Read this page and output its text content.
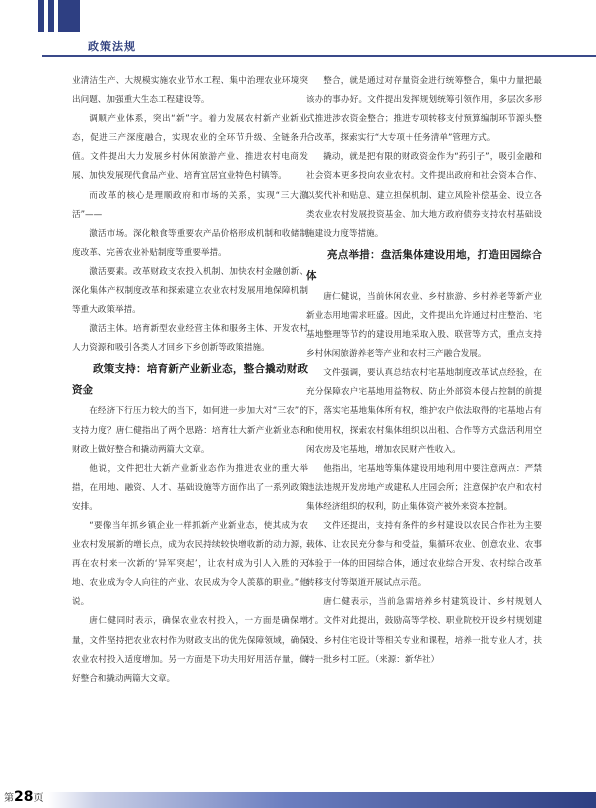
政策法规

业清洁生产、大规模实施农业节水工程、集中治理农业环境突出问题、加强重大生态工程建设等。

调顺产业体系，突出“新”字。着力发展农村新产业新业态，促进三产深度融合，实现农业的全环节升级、全链条升值。文件提出大力发展乡村休闲旅游产业、推进农村电商发展、加快发展现代食品产业、培育宜居宜业特色村镇等。

而改革的核心是理顺政府和市场的关系，实现“三大激活”——

激活市场。深化粮食等重要农产品价格形成机制和收储制度改革、完善农业补贴制度等重要举措。

激活要素。改革财政支农投入机制、加快农村金融创新、深化集体产权制度改革和探索建立农业农村发展用地保障机制等重大政策举措。

激活主体。培育新型农业经营主体和服务主体、开发农村人力资源和吸引各类人才回乡下乡创新等政策措施。

政策支持：培育新产业新业态，整合撬动财政资金

在经济下行压力较大的当下，如何进一步加大对“三农”的支持力度？唐仁健指出了两个思路：培育壮大新产业新业态和财政上做好整合和撬动两篇大文章。

他说，文件把壮大新产业新业态作为推进农业的重大举措，在用地、融资、人才、基础设施等方面作出了一系列政策安排。

“要像当年抓乡镇企业一样抓新产业新业态，使其成为农业农村发展新的增长点，成为农民持续较快增收新的动力源，再在农村来一次新的‘异军突起’，让农村成为引人入胜的天地、农业成为令人向往的产业、农民成为令人羡慕的职业。”他说。

唐仁健同时表示，确保农业农村投入，一方面是确保增量，文件坚持把农业农村作为财政支出的优先保障领域，确保农业农村投入适度增加。另一方面是下功夫用好用活存量，做好整合和撬动两篇大文章。

整合，就是通过对存量资金进行统筹整合，集中力量把最该办的事办好。文件提出发挥规划统筹引领作用，多层次多形式推进涉农资金整合；推进专项转移支付预算编制环节源头整合改革，探索实行“大专项＋任务清单”管理方式。

撬动，就是把有限的财政资金作为“药引子”，吸引金融和社会资本更多投向农业农村。文件提出政府和社会资本合作、以奖代补和贴息、建立担保机制、建立风险补偿基金、设立各类农业农村发展投资基金、加大地方政府债券支持农村基础设施建设力度等措施。

亮点举措：盘活集体建设用地，打造田园综合体

唐仁健说，当前休闲农业、乡村旅游、乡村养老等新产业新业态用地需求旺盛。因此，文件提出允许通过村庄整治、宅基地整理等节约的建设用地采取入股、联营等方式，重点支持乡村休闲旅游养老等产业和农村三产融合发展。

文件强调，要认真总结农村宅基地制度改革试点经验，在充分保障农户宅基地用益物权、防止外部资本侵占控制的前提下，落实宅基地集体所有权，维护农户依法取得的宅基地占有和使用权，探索农村集体组织以出租、合作等方式盘活利用空闲农房及宅基地，增加农民财产性收入。

他指出，宅基地等集体建设用地利用中要注意两点：严禁违法违规开发房地产或建私人庄园会所；注意保护农户和农村集体经济组织的权利，防止集体资产被外来资本控制。

文件还提出，支持有条件的乡村建设以农民合作社为主要载体、让农民充分参与和受益，集循环农业、创意农业、农事体验于一体的田园综合体，通过农业综合开发、农村综合改革转移支付等渠道开展试点示范。

唐仁健表示，当前急需培养乡村建筑设计、乡村规划人才。文件对此提出，鼓励高等学校、职业院校开设乡村规划建设、乡村住宅设计等相关专业和课程，培养一批专业人才，扶持一批乡村工匠。（来源：新华社）

第28页
